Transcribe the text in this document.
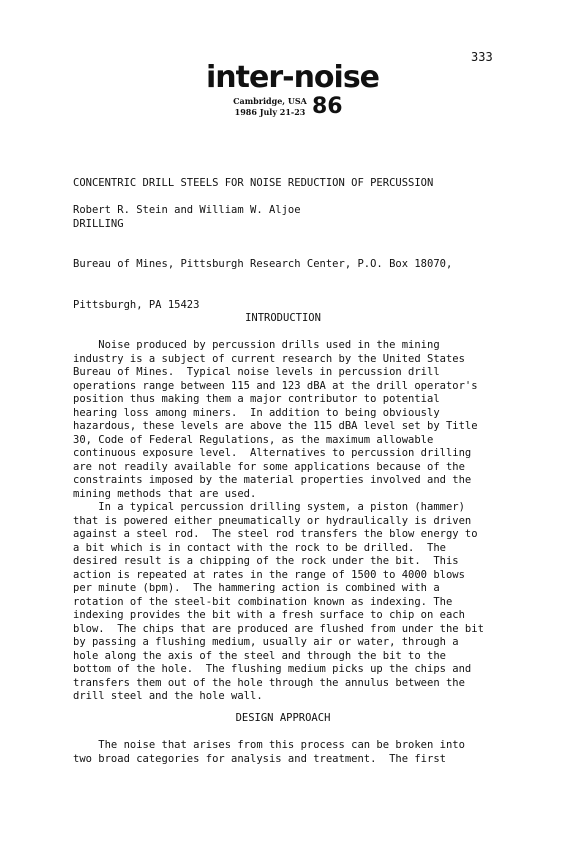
333
inter-noise
Cambridge, USA
1986 July 21-23 86

CONCENTRIC DRILL STEELS FOR NOISE REDUCTION OF PERCUSSION

DRILLING

Robert R. Stein and William W. Aljoe

Bureau of Mines, Pittsburgh Research Center, P.O. Box 18070,

Pittsburgh, PA 15423

INTRODUCTION
Noise produced by percussion drills used in the mining
industry is a subject of current research by the United States
Bureau of Mines.  Typical noise levels in percussion drill
operations range between 115 and 123 dBA at the drill operator's
position thus making them a major contributor to potential
hearing loss among miners.  In addition to being obviously
hazardous, these levels are above the 115 dBA level set by Title
30, Code of Federal Regulations, as the maximum allowable
continuous exposure level.  Alternatives to percussion drilling
are not readily available for some applications because of the
constraints imposed by the material properties involved and the
mining methods that are used.
In a typical percussion drilling system, a piston (hammer)
that is powered either pneumatically or hydraulically is driven
against a steel rod.  The steel rod transfers the blow energy to
a bit which is in contact with the rock to be drilled.  The
desired result is a chipping of the rock under the bit.  This
action is repeated at rates in the range of 1500 to 4000 blows
per minute (bpm).  The hammering action is combined with a
rotation of the steel-bit combination known as indexing. The
indexing provides the bit with a fresh surface to chip on each
blow.  The chips that are produced are flushed from under the bit
by passing a flushing medium, usually air or water, through a
hole along the axis of the steel and through the bit to the
bottom of the hole.  The flushing medium picks up the chips and
transfers them out of the hole through the annulus between the
drill steel and the hole wall.
DESIGN APPROACH
The noise that arises from this process can be broken into
two broad categories for analysis and treatment.  The first
